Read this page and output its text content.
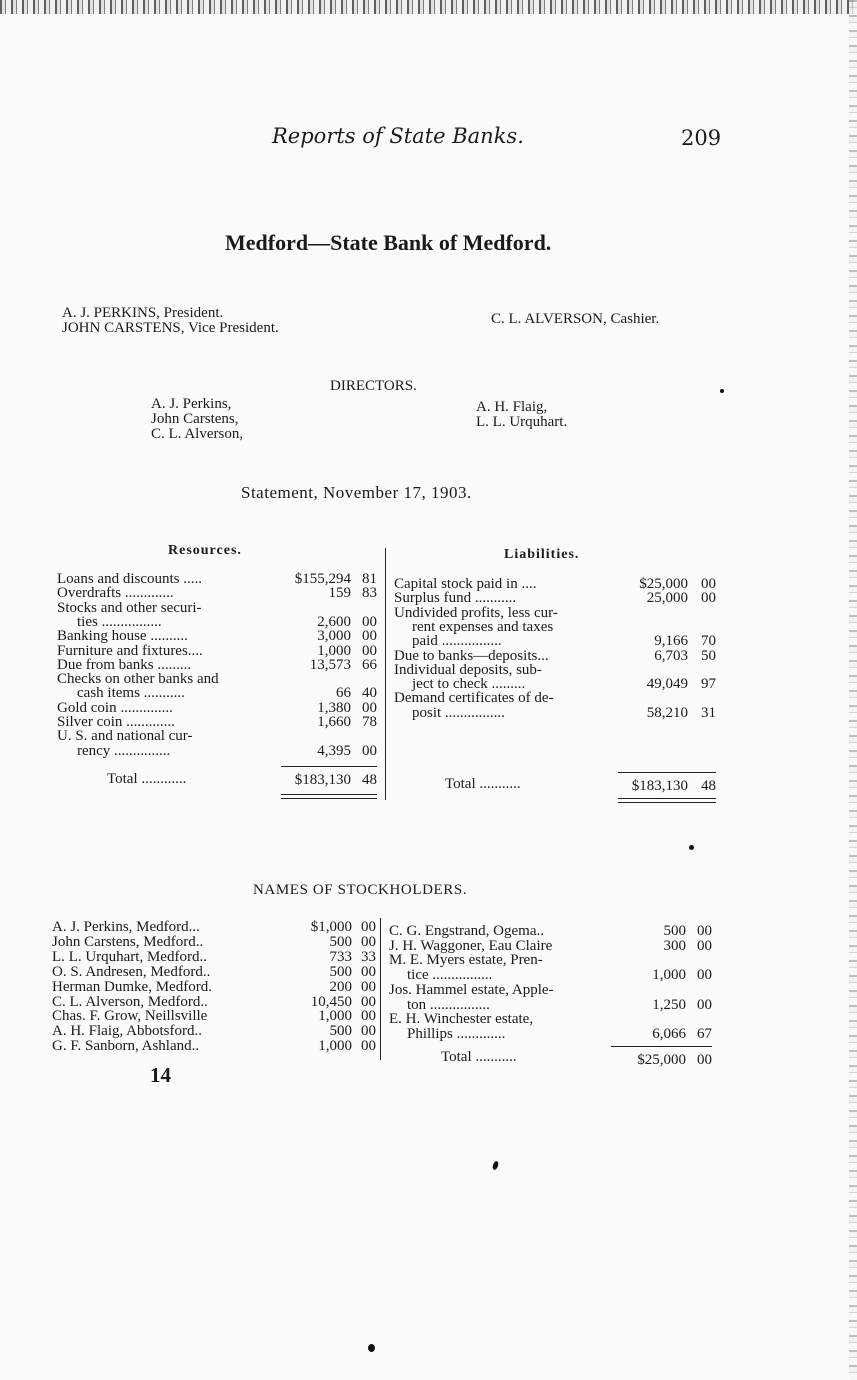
Reports of State Banks.	209
Medford—State Bank of Medford.
A. J. PERKINS, President.
JOHN CARSTENS, Vice President.
C. L. ALVERSON, Cashier.
DIRECTORS.
A. J. Perkins,
John Carstens,
C. L. Alverson,
A. H. Flaig,
L. L. Urquhart.
Statement, November 17, 1903.
Resources.
Loans and discounts .....	$155,294 81
Overdrafts .............	159 83
Stocks and other securi-
ties ................	2,600 00
Banking house ..........	3,000 00
Furniture and fixtures....	1,000 00
Due from banks .........	13,573 66
Checks on other banks and
cash items ...........	66 40
Gold coin ..............	1,380 00
Silver coin .............	1,660 78
U. S. and national cur-
rency ...............	4,395 00
Total ............	$183,130 48
Liabilities.
Capital stock paid in ....	$25,000 00
Surplus fund ...........	25,000 00
Undivided profits, less cur-
rent expenses and taxes
paid ................	9,166 70
Due to banks—deposits...	6,703 50
Individual deposits, sub-
ject to check .........	49,049 97
Demand certificates of de-
posit ................	58,210 31
Total ...........	$183,130 48
NAMES OF STOCKHOLDERS.
A. J. Perkins, Medford...	$1,000 00
John Carstens, Medford..	500 00
L. L. Urquhart, Medford..	733 33
O. S. Andresen, Medford..	500 00
Herman Dumke, Medford.	200 00
C. L. Alverson, Medford..	10,450 00
Chas. F. Grow, Neillsville	1,000 00
A. H. Flaig, Abbotsford..	500 00
G. F. Sanborn, Ashland..	1,000 00
C. G. Engstrand, Ogema..	500 00
J. H. Waggoner, Eau Claire	300 00
M. E. Myers estate, Pren-
tice ................	1,000 00
Jos. Hammel estate, Apple-
ton ................	1,250 00
E. H. Winchester estate,
Phillips .............	6,066 67
Total ...........	$25,000 00
14
